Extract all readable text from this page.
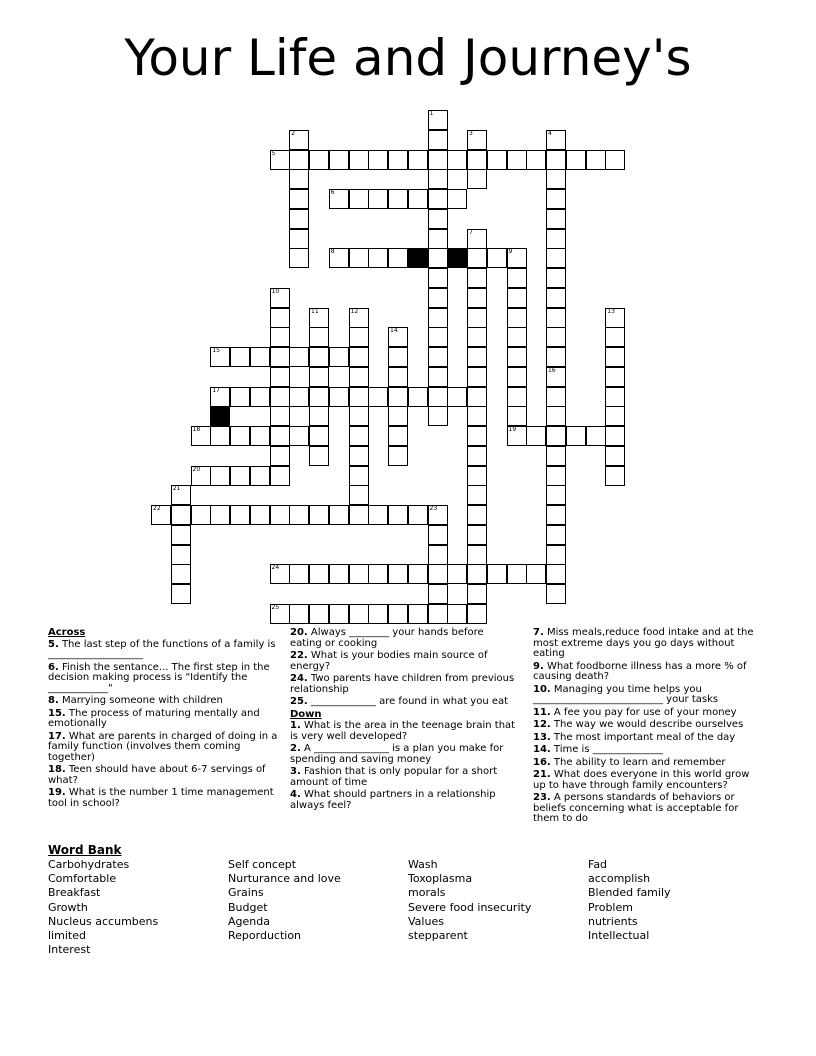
Your Life and Journey's
1
2	3	4
5
6
7
8	9
19
10
11	12	13
14
15
16
17
18
20
21
22	23
24
25
Across
5. The last step of the functions of a family is ___________________
6. Finish the sentance... The first step in the decision making process is "Identify the ____________"
8. Marrying someone with children
15. The process of maturing mentally and emotionally
17. What are parents in charged of doing in a family function (involves them coming together)
18. Teen should have about 6-7 servings of what?
19. What is the number 1 time management tool in school?
20. Always ________ your hands before eating or cooking
22. What is your bodies main source of energy?
24. Two parents have children from previous relationship
25. _____________ are found in what you eat
Down
1. What is the area in the teenage brain that is very well developed?
2. A _______________ is a plan you make for spending and saving money
3. Fashion that is only popular for a short amount of time
4. What should partners in a relationship always feel?
7. Miss meals,reduce food intake and at the most extreme days you go days without eating
9. What foodborne illness has a more % of causing death?
10. Managing you time helps you __________________________ your tasks
11. A fee you pay for use of your money
12. The way we would describe ourselves
13. The most important meal of the day
14. Time is ______________
16. The ability to learn and remember
21. What does everyone in this world grow up to have through family encounters?
23. A persons standards of behaviors or beliefs concerning what is acceptable for them to do
Word Bank
Carbohydrates
Comfortable
Breakfast
Growth
Nucleus accumbens
limited
Interest
Self concept
Nurturance and love
Grains
Budget
Agenda
Reporduction
Wash
Toxoplasma
morals
Severe food insecurity
Values
stepparent
Fad
accomplish
Blended family
Problem
nutrients
Intellectual
